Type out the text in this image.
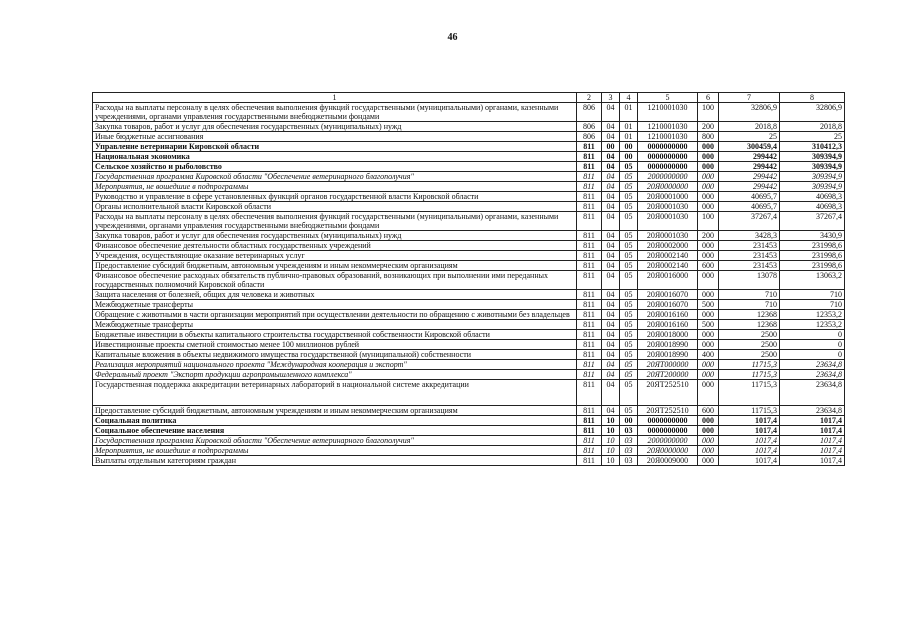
46
1	2	3	4	5	6	7	8
Расходы на выплаты персоналу в целях обеспечения выполнения функций государственными (муниципальными) органами, казенными учреждениями, органами управления государственными внебюджетными фондами	806	04	01	1210001030	100	32806,9	32806,9
Закупка товаров, работ и услуг для обеспечения государственных (муниципальных) нужд	806	04	01	1210001030	200	2018,8	2018,8
Иные бюджетные ассигнования	806	04	01	1210001030	800	25	25
Управление ветеринарии Кировской области	811	00	00	0000000000	000	300459,4	310412,3
Национальная экономика	811	04	00	0000000000	000	299442	309394,9
Сельское хозяйство и рыболовство	811	04	05	0000000000	000	299442	309394,9
Государственная программа Кировской области "Обеспечение ветеринарного благополучия"	811	04	05	2000000000	000	299442	309394,9
Мероприятия, не вошедшие в подпрограммы	811	04	05	20Я0000000	000	299442	309394,9
Руководство и управление в сфере установленных функций органов государственной власти Кировской области	811	04	05	20Я0001000	000	40695,7	40698,3
Органы исполнительной власти Кировской области	811	04	05	20Я0001030	000	40695,7	40698,3
Расходы на выплаты персоналу в целях обеспечения выполнения функций государственными (муниципальными) органами, казенными учреждениями, органами управления государственными внебюджетными фондами	811	04	05	20Я0001030	100	37267,4	37267,4
Закупка товаров, работ и услуг для обеспечения государственных (муниципальных) нужд	811	04	05	20Я0001030	200	3428,3	3430,9
Финансовое обеспечение деятельности областных государственных учреждений	811	04	05	20Я0002000	000	231453	231998,6
Учреждения, осуществляющие оказание ветеринарных услуг	811	04	05	20Я0002140	000	231453	231998,6
Предоставление субсидий бюджетным, автономным учреждениям и иным некоммерческим организациям	811	04	05	20Я0002140	600	231453	231998,6
Финансовое обеспечение расходных обязательств публично-правовых образований, возникающих при выполнении ими переданных государственных полномочий Кировской области	811	04	05	20Я0016000	000	13078	13063,2
Защита населения от болезней, общих для человека и животных	811	04	05	20Я0016070	000	710	710
Межбюджетные трансферты	811	04	05	20Я0016070	500	710	710
Обращение с животными в части организации мероприятий при осуществлении деятельности по обращению с животными без владельцев	811	04	05	20Я0016160	000	12368	12353,2
Межбюджетные трансферты	811	04	05	20Я0016160	500	12368	12353,2
Бюджетные инвестиции в объекты капитального строительства государственной собственности Кировской области	811	04	05	20Я0018000	000	2500	0
Инвестиционные проекты сметной стоимостью менее 100 миллионов рублей	811	04	05	20Я0018990	000	2500	0
Капитальные вложения в объекты недвижимого имущества государственной (муниципальной) собственности	811	04	05	20Я0018990	400	2500	0
Реализация мероприятий национального проекта "Международная кооперация и экспорт"	811	04	05	20ЯТ000000	000	11715,3	23634,8
Федеральный проект "Экспорт продукции агропромышленного комплекса"	811	04	05	20ЯТ200000	000	11715,3	23634,8
Государственная поддержка аккредитации ветеринарных лабораторий в национальной системе аккредитации	811	04	05	20ЯТ252510	000	11715,3	23634,8
Предоставление субсидий бюджетным, автономным учреждениям и иным некоммерческим организациям	811	04	05	20ЯТ252510	600	11715,3	23634,8
Социальная политика	811	10	00	0000000000	000	1017,4	1017,4
Социальное обеспечение населения	811	10	03	0000000000	000	1017,4	1017,4
Государственная программа Кировской области "Обеспечение ветеринарного благополучия"	811	10	03	2000000000	000	1017,4	1017,4
Мероприятия, не вошедшие в подпрограммы	811	10	03	20Я0000000	000	1017,4	1017,4
Выплаты отдельным категориям граждан	811	10	03	20Я0009000	000	1017,4	1017,4
